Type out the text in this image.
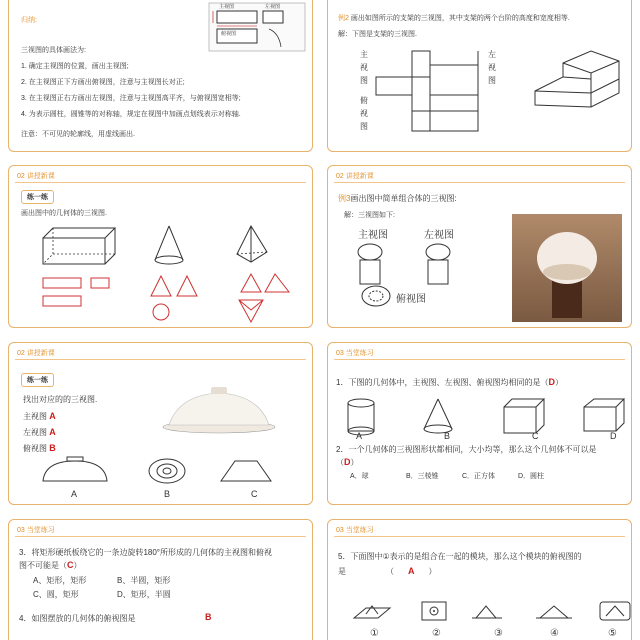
归纳:
主视图	左视图
俯视图
三视图的具体画法为:
1. 确定主视图的位置，画出主视图;
2. 在主视图正下方画出俯视图，注意与主视图长对正;
3. 在主视图正右方画出左视图，注意与主视图高平齐，与俯视图宽相等;
4. 为表示圆柱，圆锥等的对称轴，规定在视图中加画点划线表示对称轴.
注意：不可见的轮廓线，用虚线画出.
例2 画出如图所示的支架的三视图，其中支架的两个台阶的高度和宽度相等.
解：下图是支架的三视图.
主
视
图
俯
视
图
左
视
图
02 讲授新课
练一练
画出图中的几何体的三视图.
02 讲授新课
例3画出图中简单组合体的三视图:
解：三视图如下:
主视图	左视图
俯视图
02 讲授新课
练一练
找出对应的的三视图.
主视图 A
左视图 A
俯视图 B
A	B	C
03 当堂练习
1．下图的几何体中，主视图、左视图、俯视图均相同的是（D）
A	B	C	D
2．一个几何体的三视图形状都相同，大小均等，那么这个几何体不可以是
（D）
A．球	B．三棱锥	C．正方体	D．圆柱
03 当堂练习
3．将矩形硬纸板绕它的一条边旋转180°所形成的几何体的主视图和俯视
图不可能是（C）
A、矩形，矩形	B、半圆，矩形
C、圆，矩形	D、矩形，半圆
4．如图摆放的几何体的俯视图是	B
03 当堂练习
5．下面图中①表示的是组合在一起的模块，那么这个模块的俯视图的
是	（ A ）
①	②	③	④	⑤
